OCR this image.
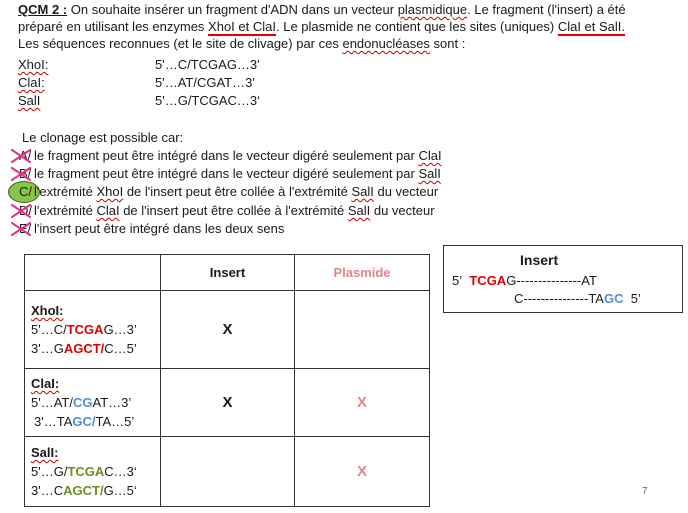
QCM 2 : On souhaite insérer un fragment d'ADN dans un vecteur plasmidique. Le fragment (l'insert) a été
préparé en utilisant les enzymes XhoI et ClaI. Le plasmide ne contient que les sites (uniques) ClaI et SalI.
Les séquences reconnues (et le site de clivage) par ces endonucléases sont :
XhoI:	5'…C/TCGAG…3'
ClaI:	5'…AT/CGAT…3'
SalI	5'…G/TCGAC…3‘
Le clonage est possible car:
A/ le fragment peut être intégré dans le vecteur digéré seulement par ClaI
B/ le fragment peut être intégré dans le vecteur digéré seulement par SalI
C/ l'extrémité XhoI de l'insert peut être collée à l'extrémité SalI du vecteur
D/ l'extrémité ClaI de l'insert peut être collée à l'extrémité SalI du vecteur
E/ l'insert peut être intégré dans les deux sens
	Insert	Plasmide

XhoI:
5'…C/TCGAG…3’
3'…GAGCT/C…5’	X	

ClaI:
5'…AT/CGAT…3’
3'…TAGC/TA…5’	X	X

SalI:
5'…G/TCGAC…3‘
3'…CAGCT/G…5‘		X
Insert
5’ TCGAG---------------AT
C---------------TAGC 5’
7
